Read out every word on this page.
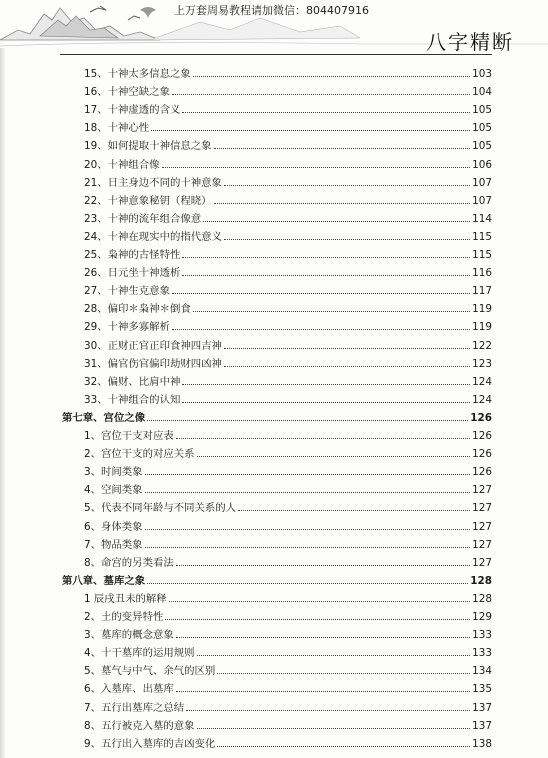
上万套周易教程请加微信：804407916
八字精断
15、十神太多信息之象	103
16、十神空缺之象	104
17、十神虚透的含义	105
18、十神心性	105
19、如何提取十神信息之象	105
20、十神组合像	106
21、日主身边不同的十神意象	107
22、十神意象秘钥（程晓）	107
23、十神的流年组合像意	114
24、十神在现实中的指代意义	115
25、枭神的古怪特性	115
26、日元坐十神透析	116
27、十神生克意象	117
28、偏印＊枭神＊倒食	119
29、十神多寡解析	119
30、正财正官正印食神四吉神	122
31、偏官伤官偏印劫财四凶神	123
32、偏财、比肩中神	124
33、十神组合的认知	124
第七章、宫位之像	126
1、宫位干支对应表	126
2、宫位干支的对应关系	126
3、时间类象	126
4、空间类象	127
5、代表不同年龄与不同关系的人	127
6、身体类象	127
7、物品类象	127
8、命宫的另类看法	127
第八章、墓库之象	128
1 辰戌丑未的解释	128
2、土的变异特性	129
3、墓库的概念意象	133
4、十干墓库的运用规则	133
5、墓气与中气、余气的区别	134
6、入墓库、出墓库	135
7、五行出墓库之总结	137
8、五行被克入墓的意象	137
9、五行出入墓库的吉凶变化	138
